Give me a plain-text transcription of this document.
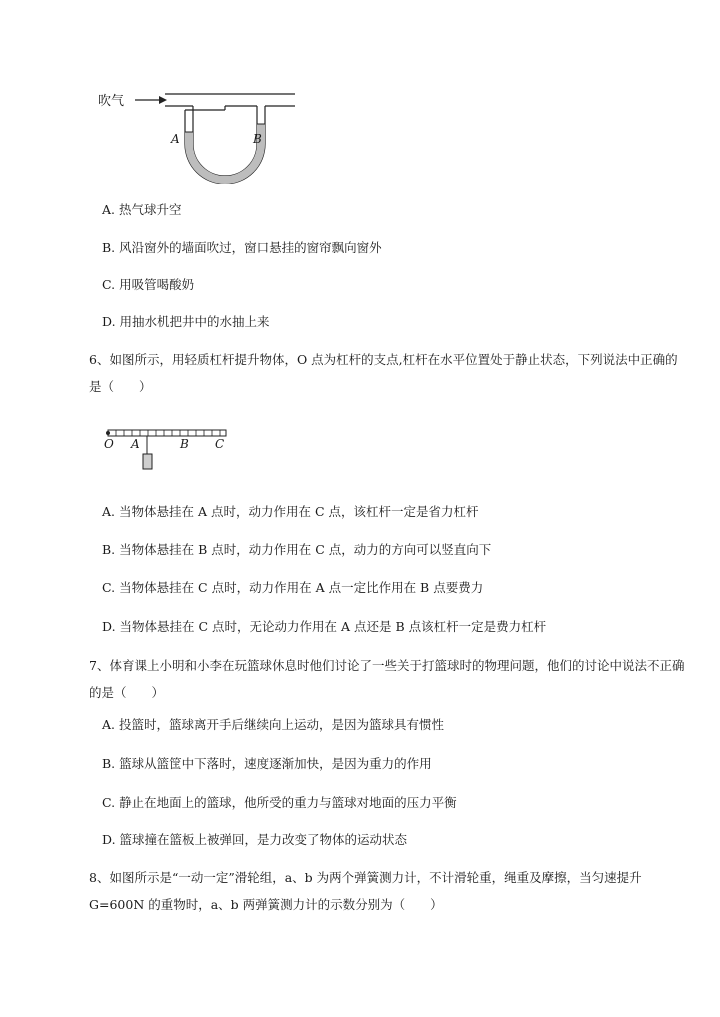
吹气
A	B
A. 热气球升空
B. 风沿窗外的墙面吹过，窗口悬挂的窗帘飘向窗外
C. 用吸管喝酸奶
D. 用抽水机把井中的水抽上来
6、如图所示，用轻质杠杆提升物体，O 点为杠杆的支点,杠杆在水平位置处于静止状态，下列说法中正确的是（　　）
O A	B C
A. 当物体悬挂在 A 点时，动力作用在 C 点，该杠杆一定是省力杠杆
B. 当物体悬挂在 B 点时，动力作用在 C 点，动力的方向可以竖直向下
C. 当物体悬挂在 C 点时，动力作用在 A 点一定比作用在 B 点要费力
D. 当物体悬挂在 C 点时，无论动力作用在 A 点还是 B 点该杠杆一定是费力杠杆
7、体育课上小明和小李在玩篮球休息时他们讨论了一些关于打篮球时的物理问题，他们的讨论中说法不正确的是（　　）
A. 投篮时，篮球离开手后继续向上运动，是因为篮球具有惯性
B. 篮球从篮筐中下落时，速度逐渐加快，是因为重力的作用
C. 静止在地面上的篮球，他所受的重力与篮球对地面的压力平衡
D. 篮球撞在篮板上被弹回，是力改变了物体的运动状态
8、如图所示是“一动一定”滑轮组，a、b 为两个弹簧测力计，不计滑轮重，绳重及摩擦，当匀速提升 G=600N 的重物时，a、b 两弹簧测力计的示数分别为（　　）
